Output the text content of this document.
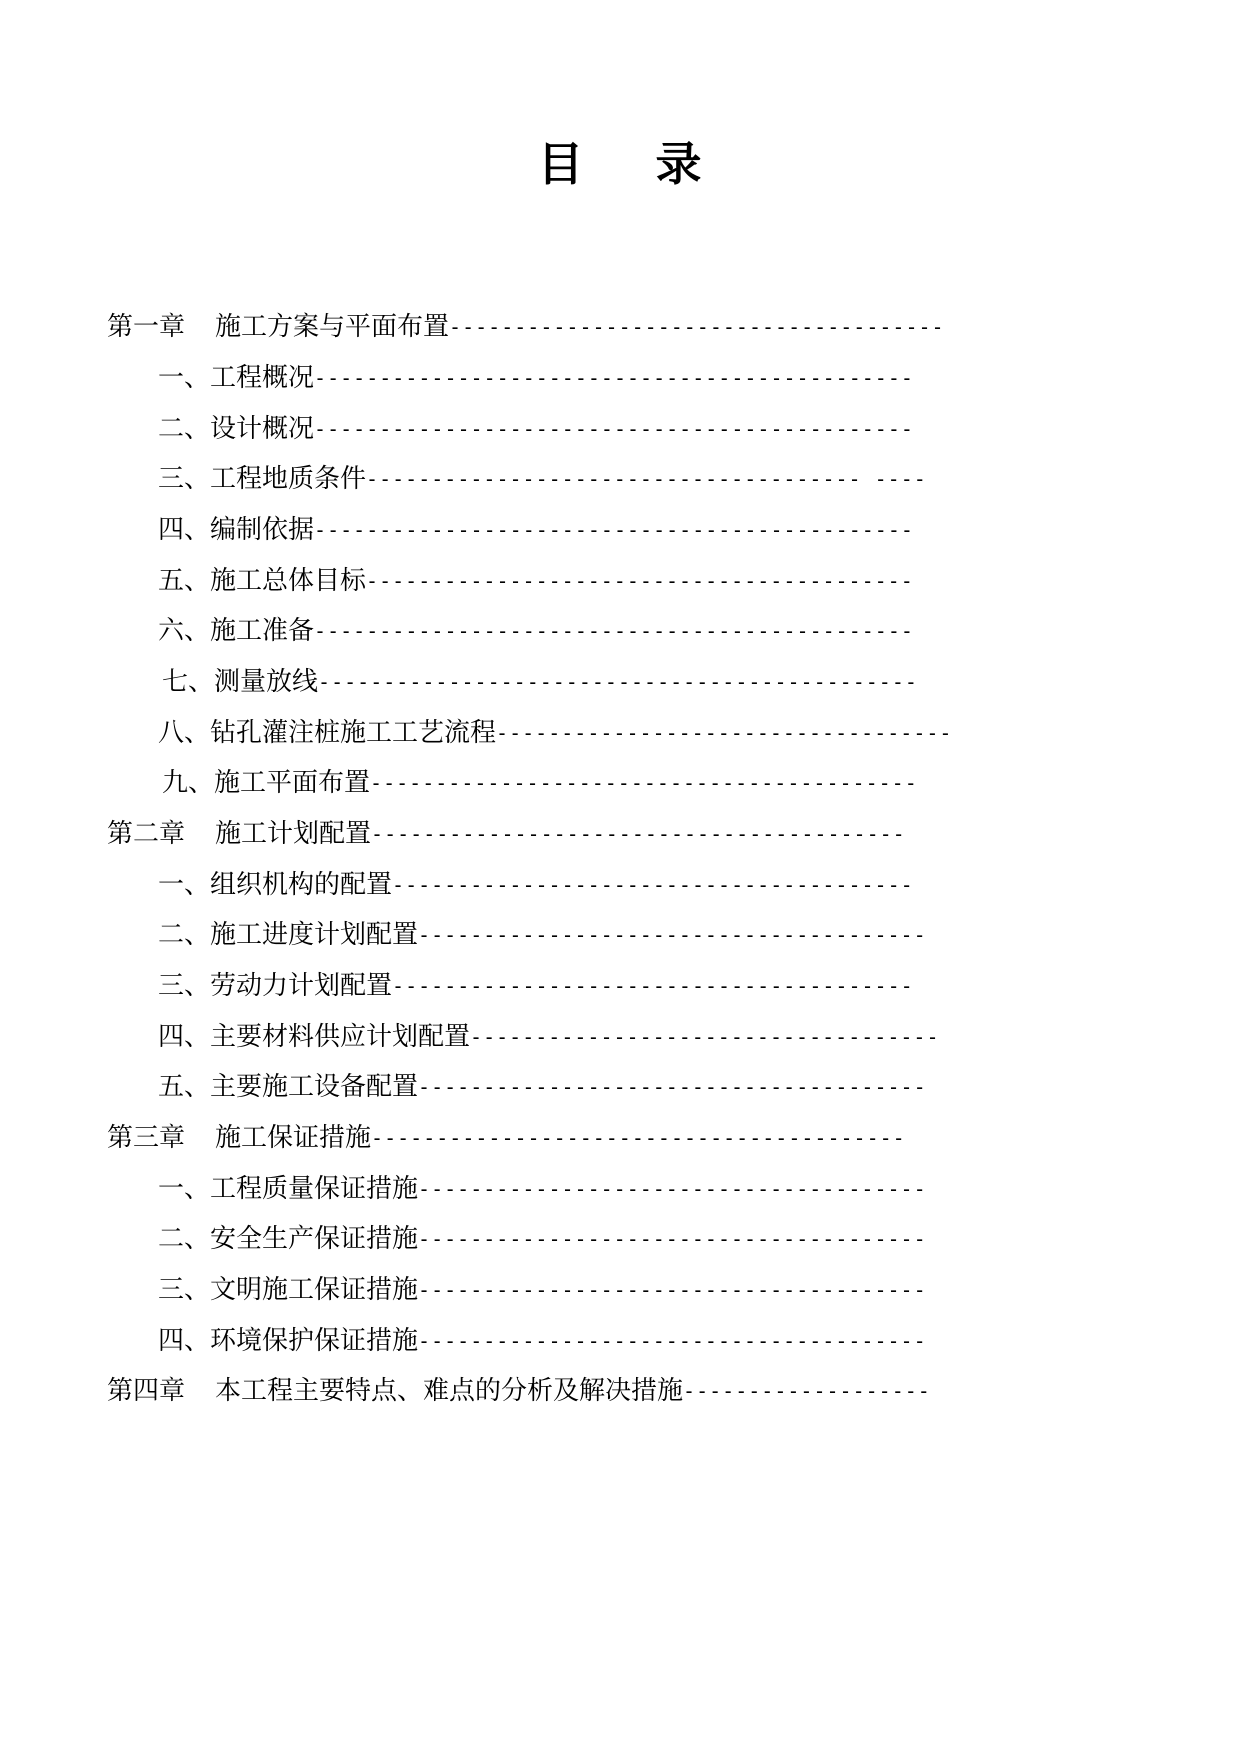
目 录
第一章 施工方案与平面布置--------------------------------------
一、工程概况----------------------------------------------
二、设计概况----------------------------------------------
三、工程地质条件-------------------------------------- ----
四、编制依据----------------------------------------------
五、施工总体目标------------------------------------------
六、施工准备----------------------------------------------
七、测量放线----------------------------------------------
八、钻孔灌注桩施工工艺流程-----------------------------------
九、施工平面布置------------------------------------------
第二章 施工计划配置-----------------------------------------
一、组织机构的配置----------------------------------------
二、施工进度计划配置---------------------------------------
三、劳动力计划配置----------------------------------------
四、主要材料供应计划配置------------------------------------
五、主要施工设备配置---------------------------------------
第三章 施工保证措施-----------------------------------------
一、工程质量保证措施---------------------------------------
二、安全生产保证措施---------------------------------------
三、文明施工保证措施---------------------------------------
四、环境保护保证措施---------------------------------------
第四章 本工程主要特点、难点的分析及解决措施-------------------
